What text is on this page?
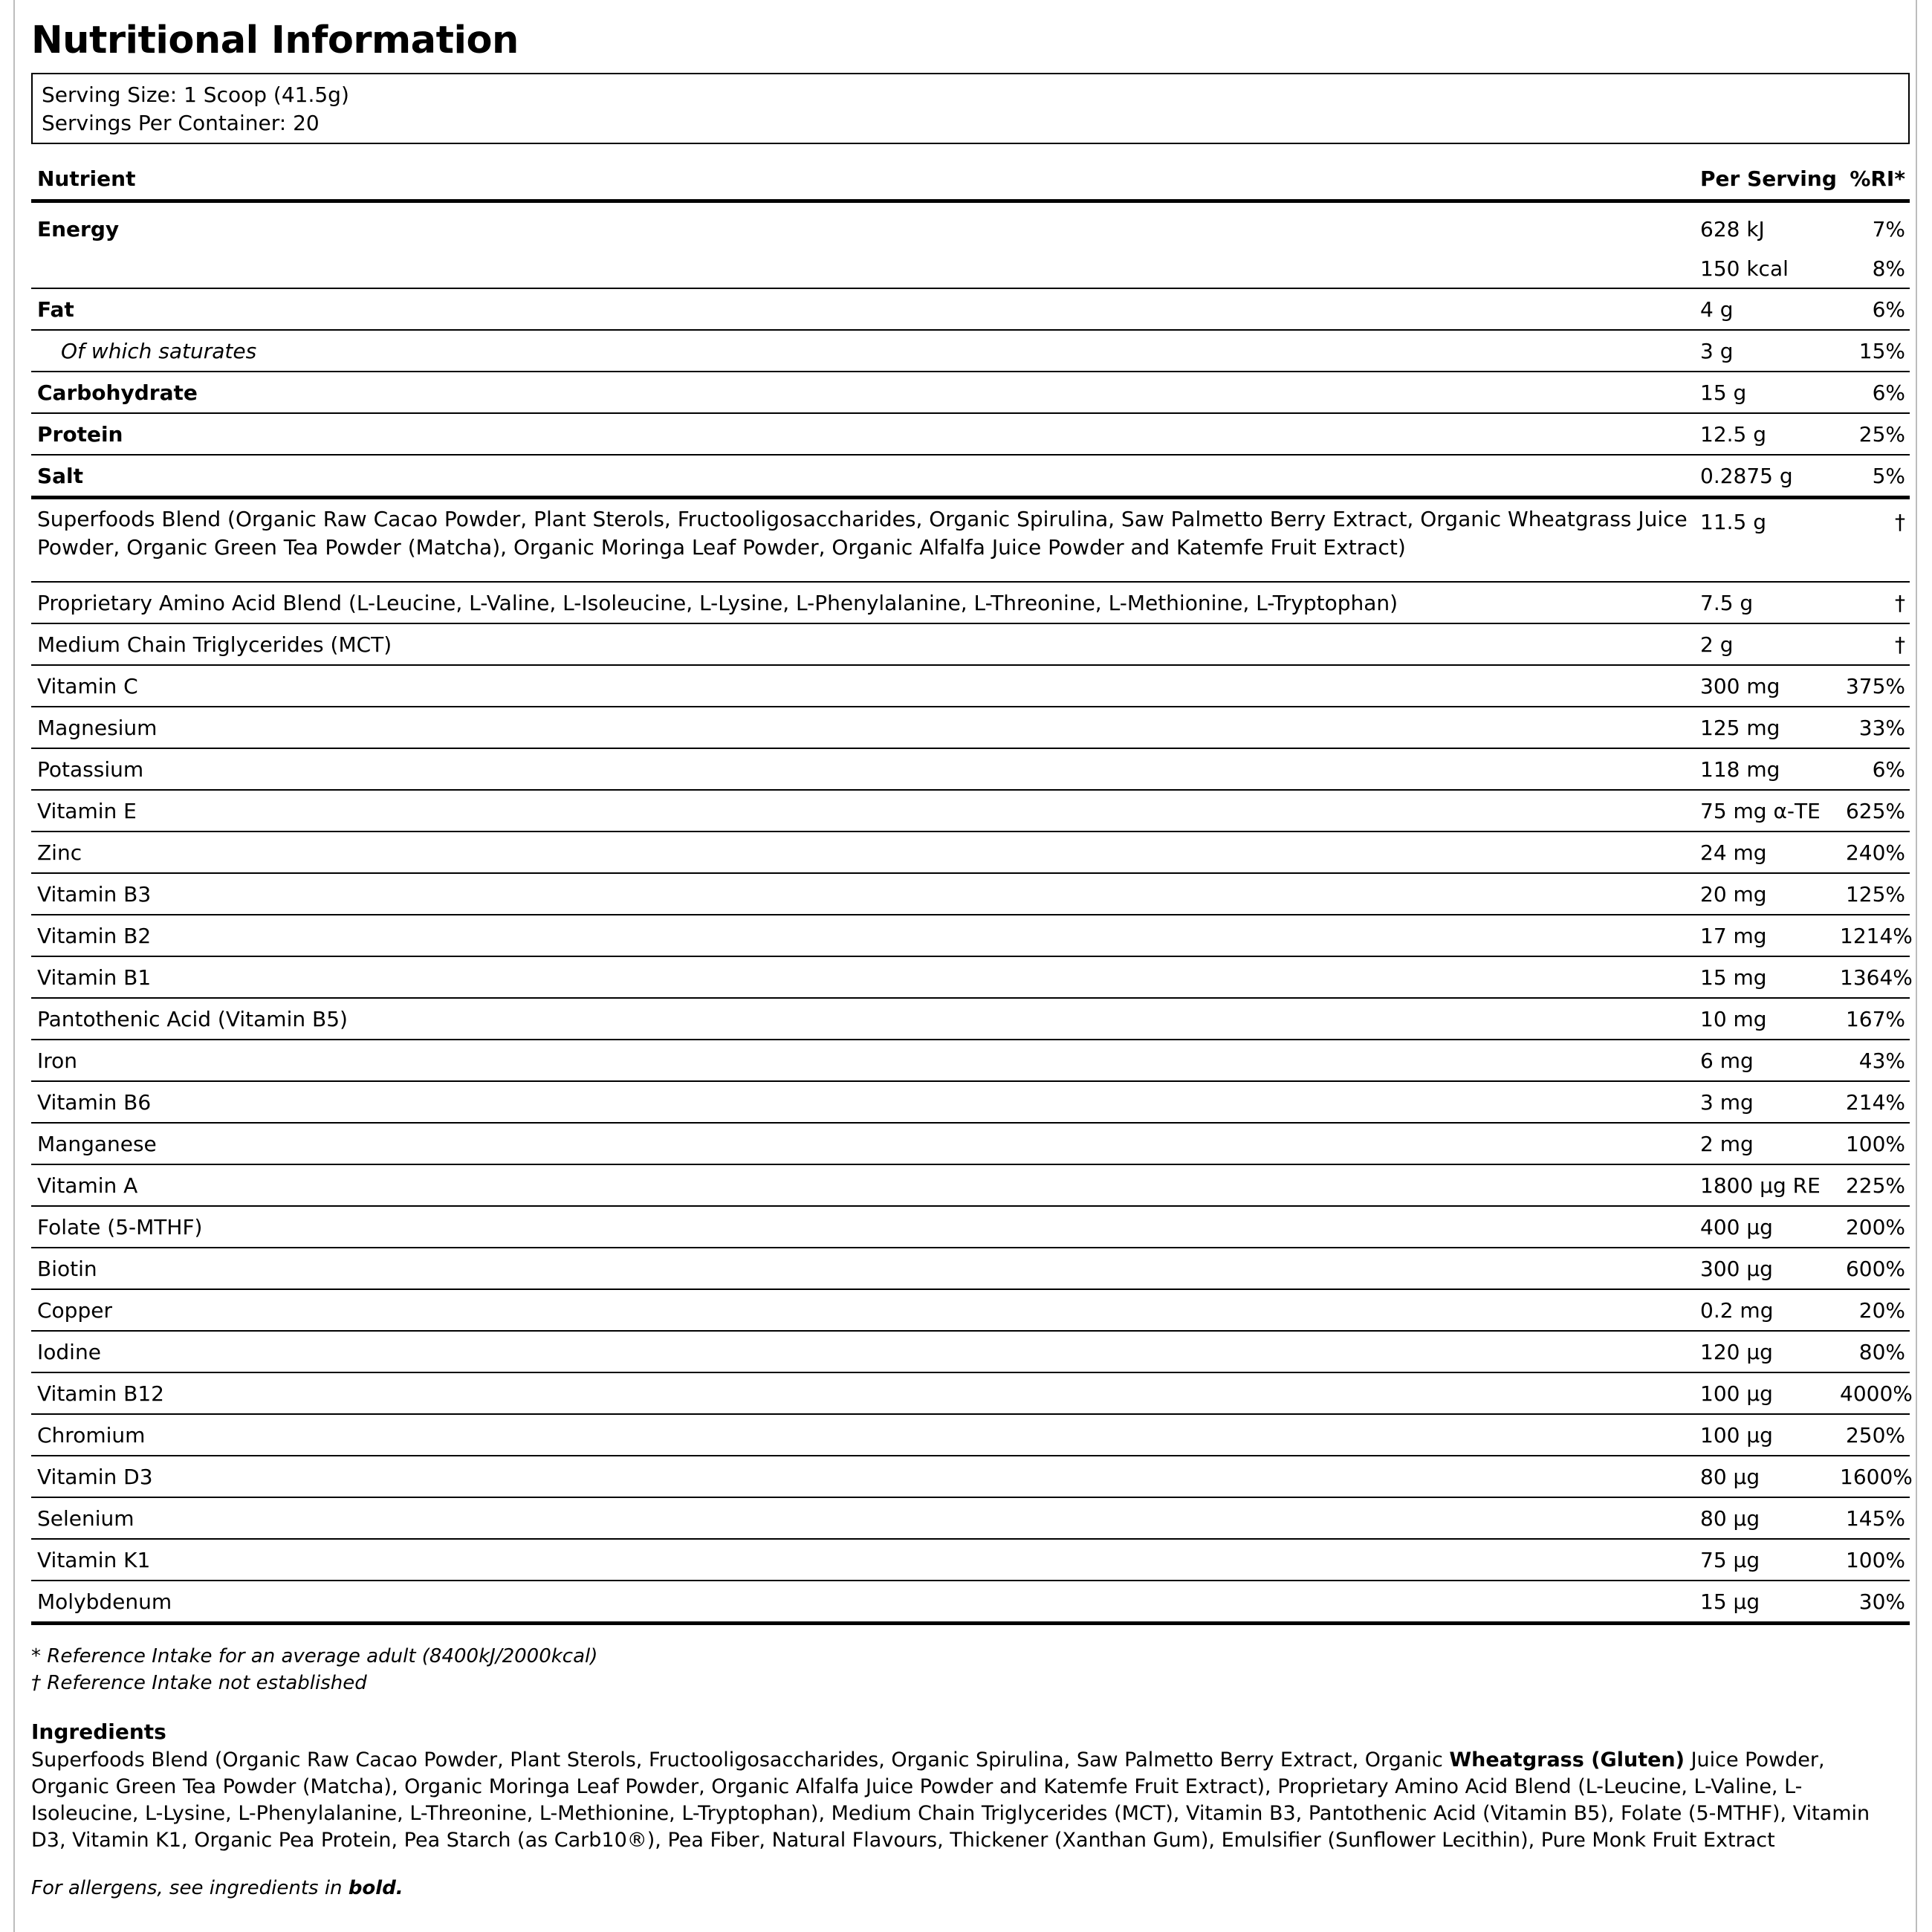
Nutritional Information
Serving Size: 1 Scoop (41.5g)
Servings Per Container: 20
Nutrient	Per Serving	%RI*
Energy	628 kJ	7%
	150 kcal	8%
Fat	4 g	6%
Of which saturates	3 g	15%
Carbohydrate	15 g	6%
Protein	12.5 g	25%
Salt	0.2875 g	5%
Superfoods Blend (Organic Raw Cacao Powder, Plant Sterols, Fructooligosaccharides, Organic Spirulina, Saw Palmetto Berry Extract, Organic Wheatgrass Juice Powder, Organic Green Tea Powder (Matcha), Organic Moringa Leaf Powder, Organic Alfalfa Juice Powder and Katemfe Fruit Extract)	11.5 g	†
Proprietary Amino Acid Blend (L-Leucine, L-Valine, L-Isoleucine, L-Lysine, L-Phenylalanine, L-Threonine, L-Methionine, L-Tryptophan)	7.5 g	†
Medium Chain Triglycerides (MCT)	2 g	†
Vitamin C	300 mg	375%
Magnesium	125 mg	33%
Potassium	118 mg	6%
Vitamin E	75 mg α-TE	625%
Zinc	24 mg	240%
Vitamin B3	20 mg	125%
Vitamin B2	17 mg	1214%
Vitamin B1	15 mg	1364%
Pantothenic Acid (Vitamin B5)	10 mg	167%
Iron	6 mg	43%
Vitamin B6	3 mg	214%
Manganese	2 mg	100%
Vitamin A	1800 µg RE	225%
Folate (5-MTHF)	400 µg	200%
Biotin	300 µg	600%
Copper	0.2 mg	20%
Iodine	120 µg	80%
Vitamin B12	100 µg	4000%
Chromium	100 µg	250%
Vitamin D3	80 µg	1600%
Selenium	80 µg	145%
Vitamin K1	75 µg	100%
Molybdenum	15 µg	30%
* Reference Intake for an average adult (8400kJ/2000kcal)
† Reference Intake not established
Ingredients
Superfoods Blend (Organic Raw Cacao Powder, Plant Sterols, Fructooligosaccharides, Organic Spirulina, Saw Palmetto Berry Extract, Organic Wheatgrass (Gluten) Juice Powder, Organic Green Tea Powder (Matcha), Organic Moringa Leaf Powder, Organic Alfalfa Juice Powder and Katemfe Fruit Extract), Proprietary Amino Acid Blend (L-Leucine, L-Valine, L-Isoleucine, L-Lysine, L-Phenylalanine, L-Threonine, L-Methionine, L-Tryptophan), Medium Chain Triglycerides (MCT), Vitamin B3, Pantothenic Acid (Vitamin B5), Folate (5-MTHF), Vitamin D3, Vitamin K1, Organic Pea Protein, Pea Starch (as Carb10®), Pea Fiber, Natural Flavours, Thickener (Xanthan Gum), Emulsifier (Sunflower Lecithin), Pure Monk Fruit Extract
For allergens, see ingredients in bold.
